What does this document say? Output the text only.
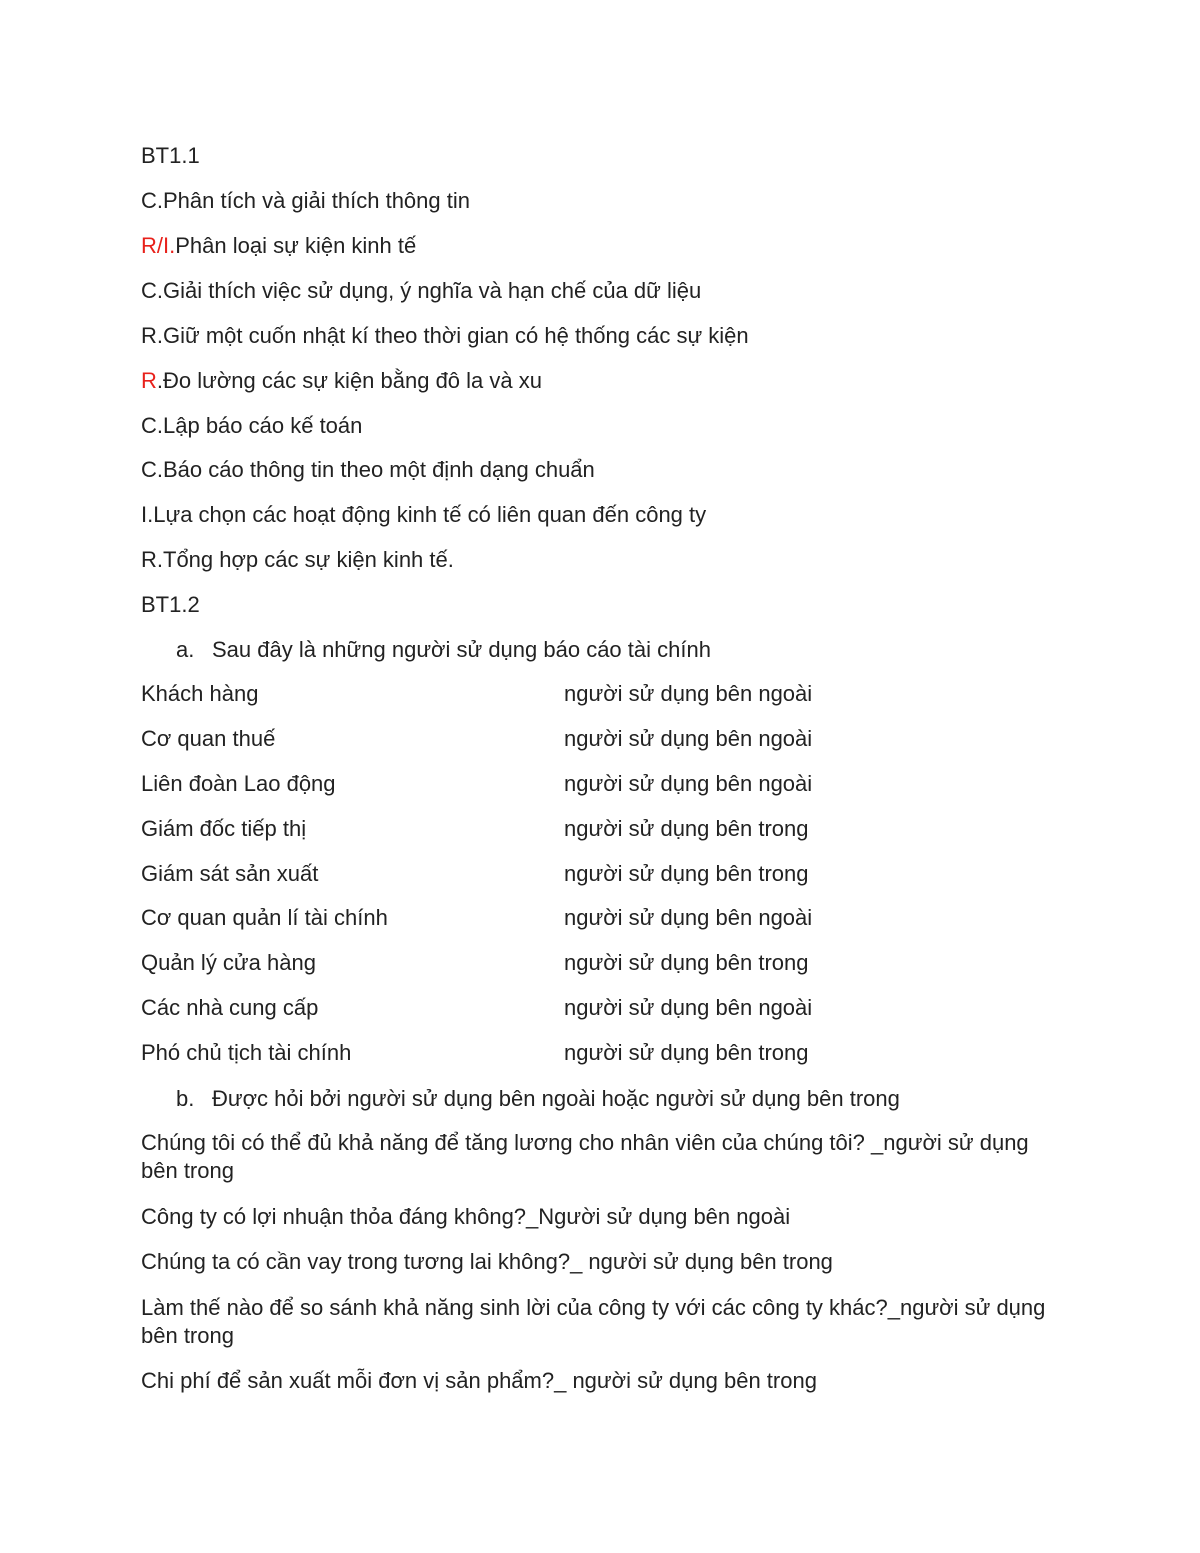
BT1.1
C.Phân tích và giải thích thông tin
R/I.Phân loại sự kiện kinh tế
C.Giải thích việc sử dụng, ý nghĩa và hạn chế của dữ liệu
R.Giữ một cuốn nhật kí theo thời gian có hệ thống các sự kiện
R.Đo lường các sự kiện bằng đô la và xu
C.Lập báo cáo kế toán
C.Báo cáo thông tin theo một định dạng chuẩn
I.Lựa chọn các hoạt động kinh tế có liên quan đến công ty
R.Tổng hợp các sự kiện kinh tế.
BT1.2
a. Sau đây là những người sử dụng báo cáo tài chính
Khách hàng	người sử dụng bên ngoài
Cơ quan thuế	người sử dụng bên ngoài
Liên đoàn Lao động	người sử dụng bên ngoài
Giám đốc tiếp thị	người sử dụng bên trong
Giám sát sản xuất	người sử dụng bên trong
Cơ quan quản lí tài chính	người sử dụng bên ngoài
Quản lý cửa hàng	người sử dụng bên trong
Các nhà cung cấp	người sử dụng bên ngoài
Phó chủ tịch tài chính	người sử dụng bên trong
b. Được hỏi bởi người sử dụng bên ngoài hoặc người sử dụng bên trong
Chúng tôi có thể đủ khả năng để tăng lương cho nhân viên của chúng tôi? _người sử dụng bên trong
Công ty có lợi nhuận thỏa đáng không?_Người sử dụng bên ngoài
Chúng ta có cần vay trong tương lai không?_ người sử dụng bên trong
Làm thế nào để so sánh khả năng sinh lời của công ty với các công ty khác?_người sử dụng bên trong
Chi phí để sản xuất mỗi đơn vị sản phẩm?_ người sử dụng bên trong
